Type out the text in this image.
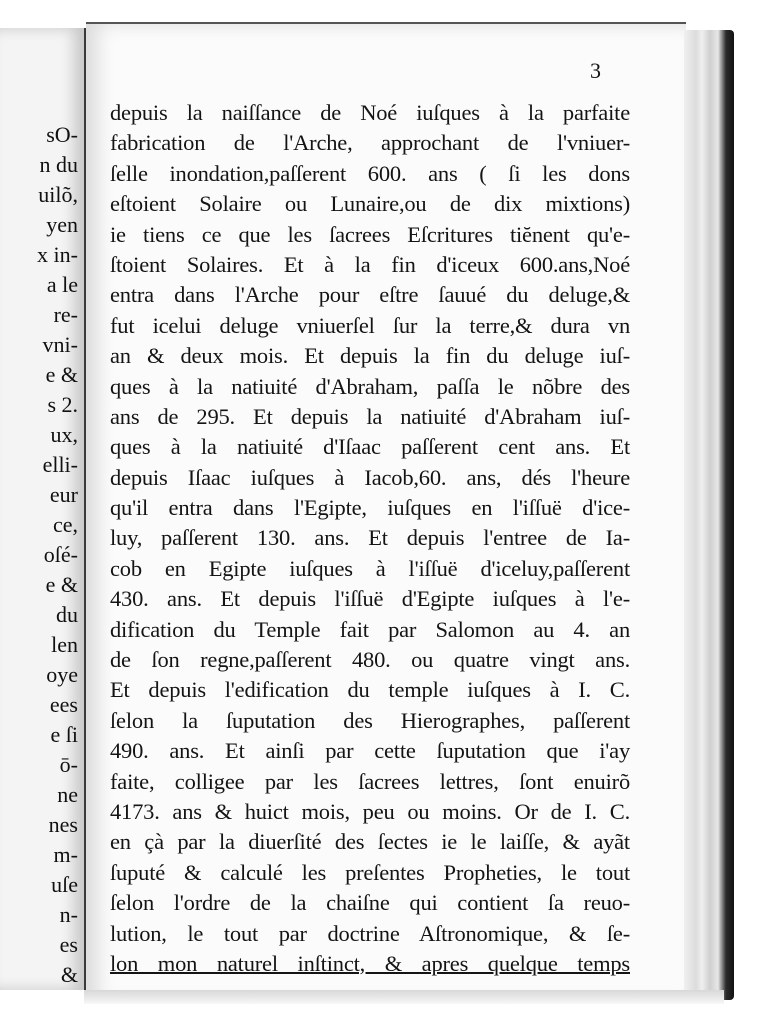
sO-
n du
uilõ,
yen
x in-
a le
re-
vni-
e &
s 2.
ux,
elli-
eur
ce,
oſé-
e &
du
len
oye
ees
e ſi
ō-
ne
nes
m-
uſe
n-
es
&
3
depuis la naiſſance de Noé iuſques à la parfaite
fabrication de l'Arche, approchant de l'vniuer-
ſelle inondation,paſſerent 600. ans ( ſi les dons
eſtoient Solaire ou Lunaire,ou de dix mixtions)
ie tiens ce que les ſacrees Eſcritures tiĕnent qu'e-
ſtoient Solaires. Et à la fin d'iceux 600.ans,Noé
entra dans l'Arche pour eſtre ſauué du deluge,&
fut icelui deluge vniuerſel ſur la terre,& dura vn
an & deux mois. Et depuis la fin du deluge iuſ-
ques à la natiuité d'Abraham, paſſa le nõbre des
ans de 295. Et depuis la natiuité d'Abraham iuſ-
ques à la natiuité d'Iſaac paſſerent cent ans. Et
depuis Iſaac iuſques à Iacob,60. ans, dés l'heure
qu'il entra dans l'Egipte, iuſques en l'iſſuë d'ice-
luy, paſſerent 130. ans. Et depuis l'entree de Ia-
cob en Egipte iuſques à l'iſſuë d'iceluy,paſſerent
430. ans. Et depuis l'iſſuë d'Egipte iuſques à l'e-
dification du Temple fait par Salomon au 4. an
de ſon regne,paſſerent 480. ou quatre vingt ans.
Et depuis l'edification du temple iuſques à I. C.
ſelon la ſuputation des Hierographes, paſſerent
490. ans. Et ainſi par cette ſuputation que i'ay
faite, colligee par les ſacrees lettres, ſont enuirõ
4173. ans & huict mois, peu ou moins. Or de I. C.
en çà par la diuerſité des ſectes ie le laiſſe, & ayãt
ſuputé & calculé les preſentes Propheties, le tout
ſelon l'ordre de la chaiſne qui contient ſa reuo-
lution, le tout par doctrine Aſtronomique, & ſe-
lon mon naturel inſtinct, & apres quelque temps
